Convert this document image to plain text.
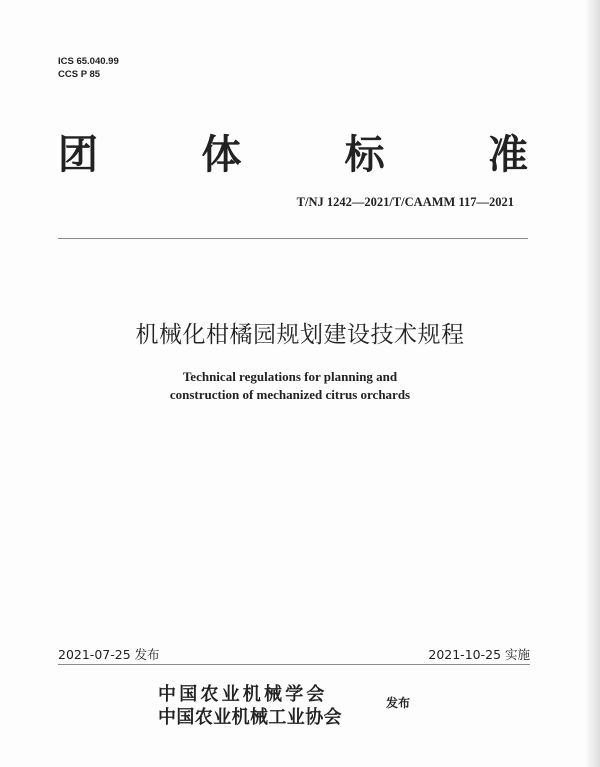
ICS 65.040.99
CCS P 85
团	体	标	准
T/NJ 1242—2021/T/CAAMM 117—2021
机械化柑橘园规划建设技术规程
Technical regulations for planning and
construction of mechanized citrus orchards
2021-07-25 发布	2021-10-25 实施
中国农业机械学会
中国农业机械工业协会
发布
